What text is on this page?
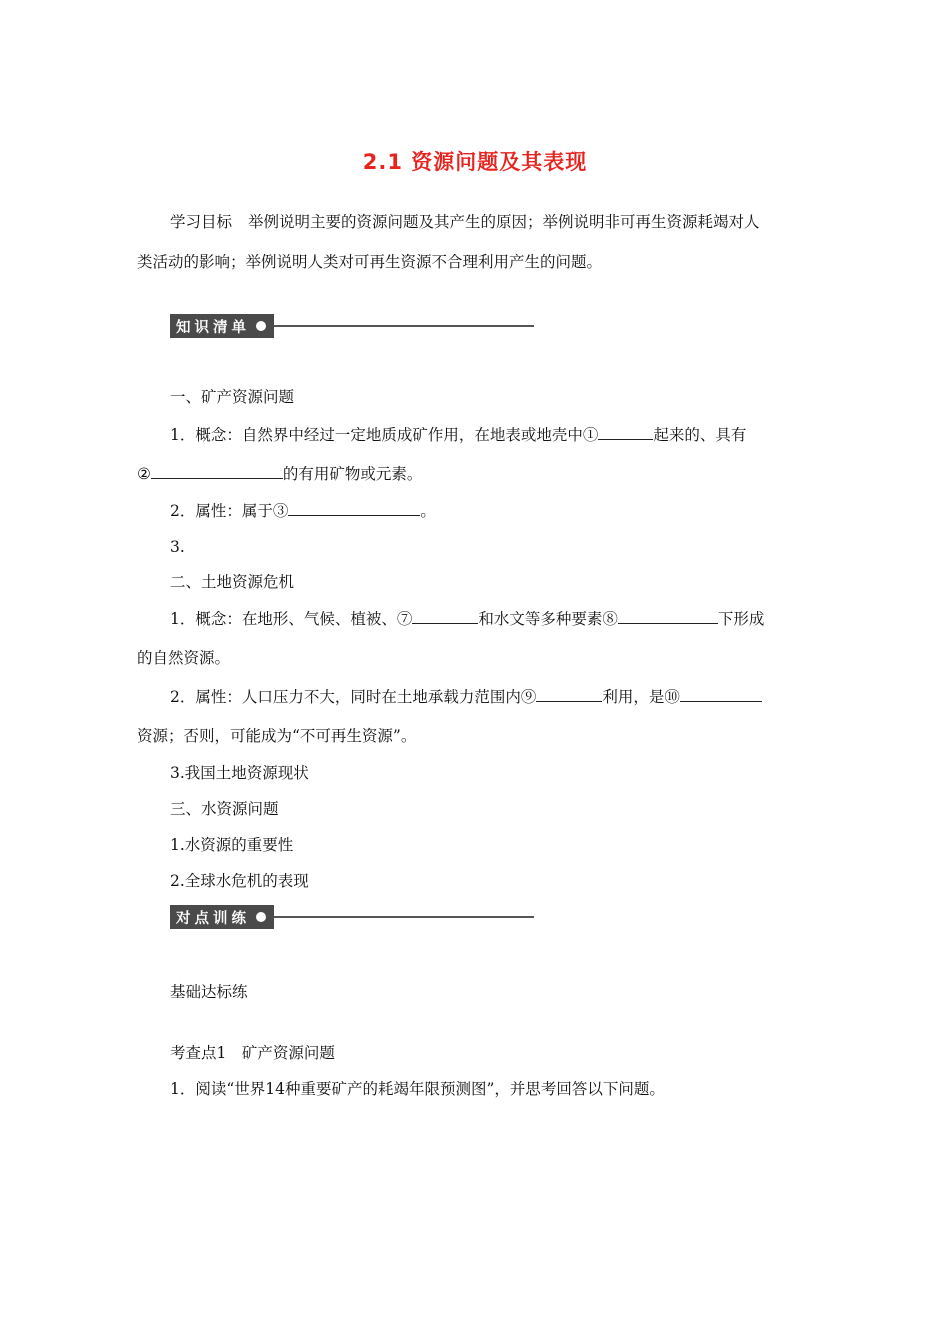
2.1 资源问题及其表现
学习目标 举例说明主要的资源问题及其产生的原因；举例说明非可再生资源耗竭对人
类活动的影响；举例说明人类对可再生资源不合理利用产生的问题。
知识清单
一、矿产资源问题
1．概念：自然界中经过一定地质成矿作用，在地表或地壳中①	起来的、具有
②	的有用矿物或元素。
2．属性：属于③	。
3.
二、土地资源危机
1．概念：在地形、气候、植被、⑦	和水文等多种要素⑧	下形成
的自然资源。
2．属性：人口压力不大，同时在土地承载力范围内⑨	利用，是⑩
资源；否则，可能成为“不可再生资源”。
3.我国土地资源现状
三、水资源问题
1.水资源的重要性
2.全球水危机的表现
对点训练
基础达标练
考查点1　矿产资源问题
1．阅读“世界14种重要矿产的耗竭年限预测图”，并思考回答以下问题。
